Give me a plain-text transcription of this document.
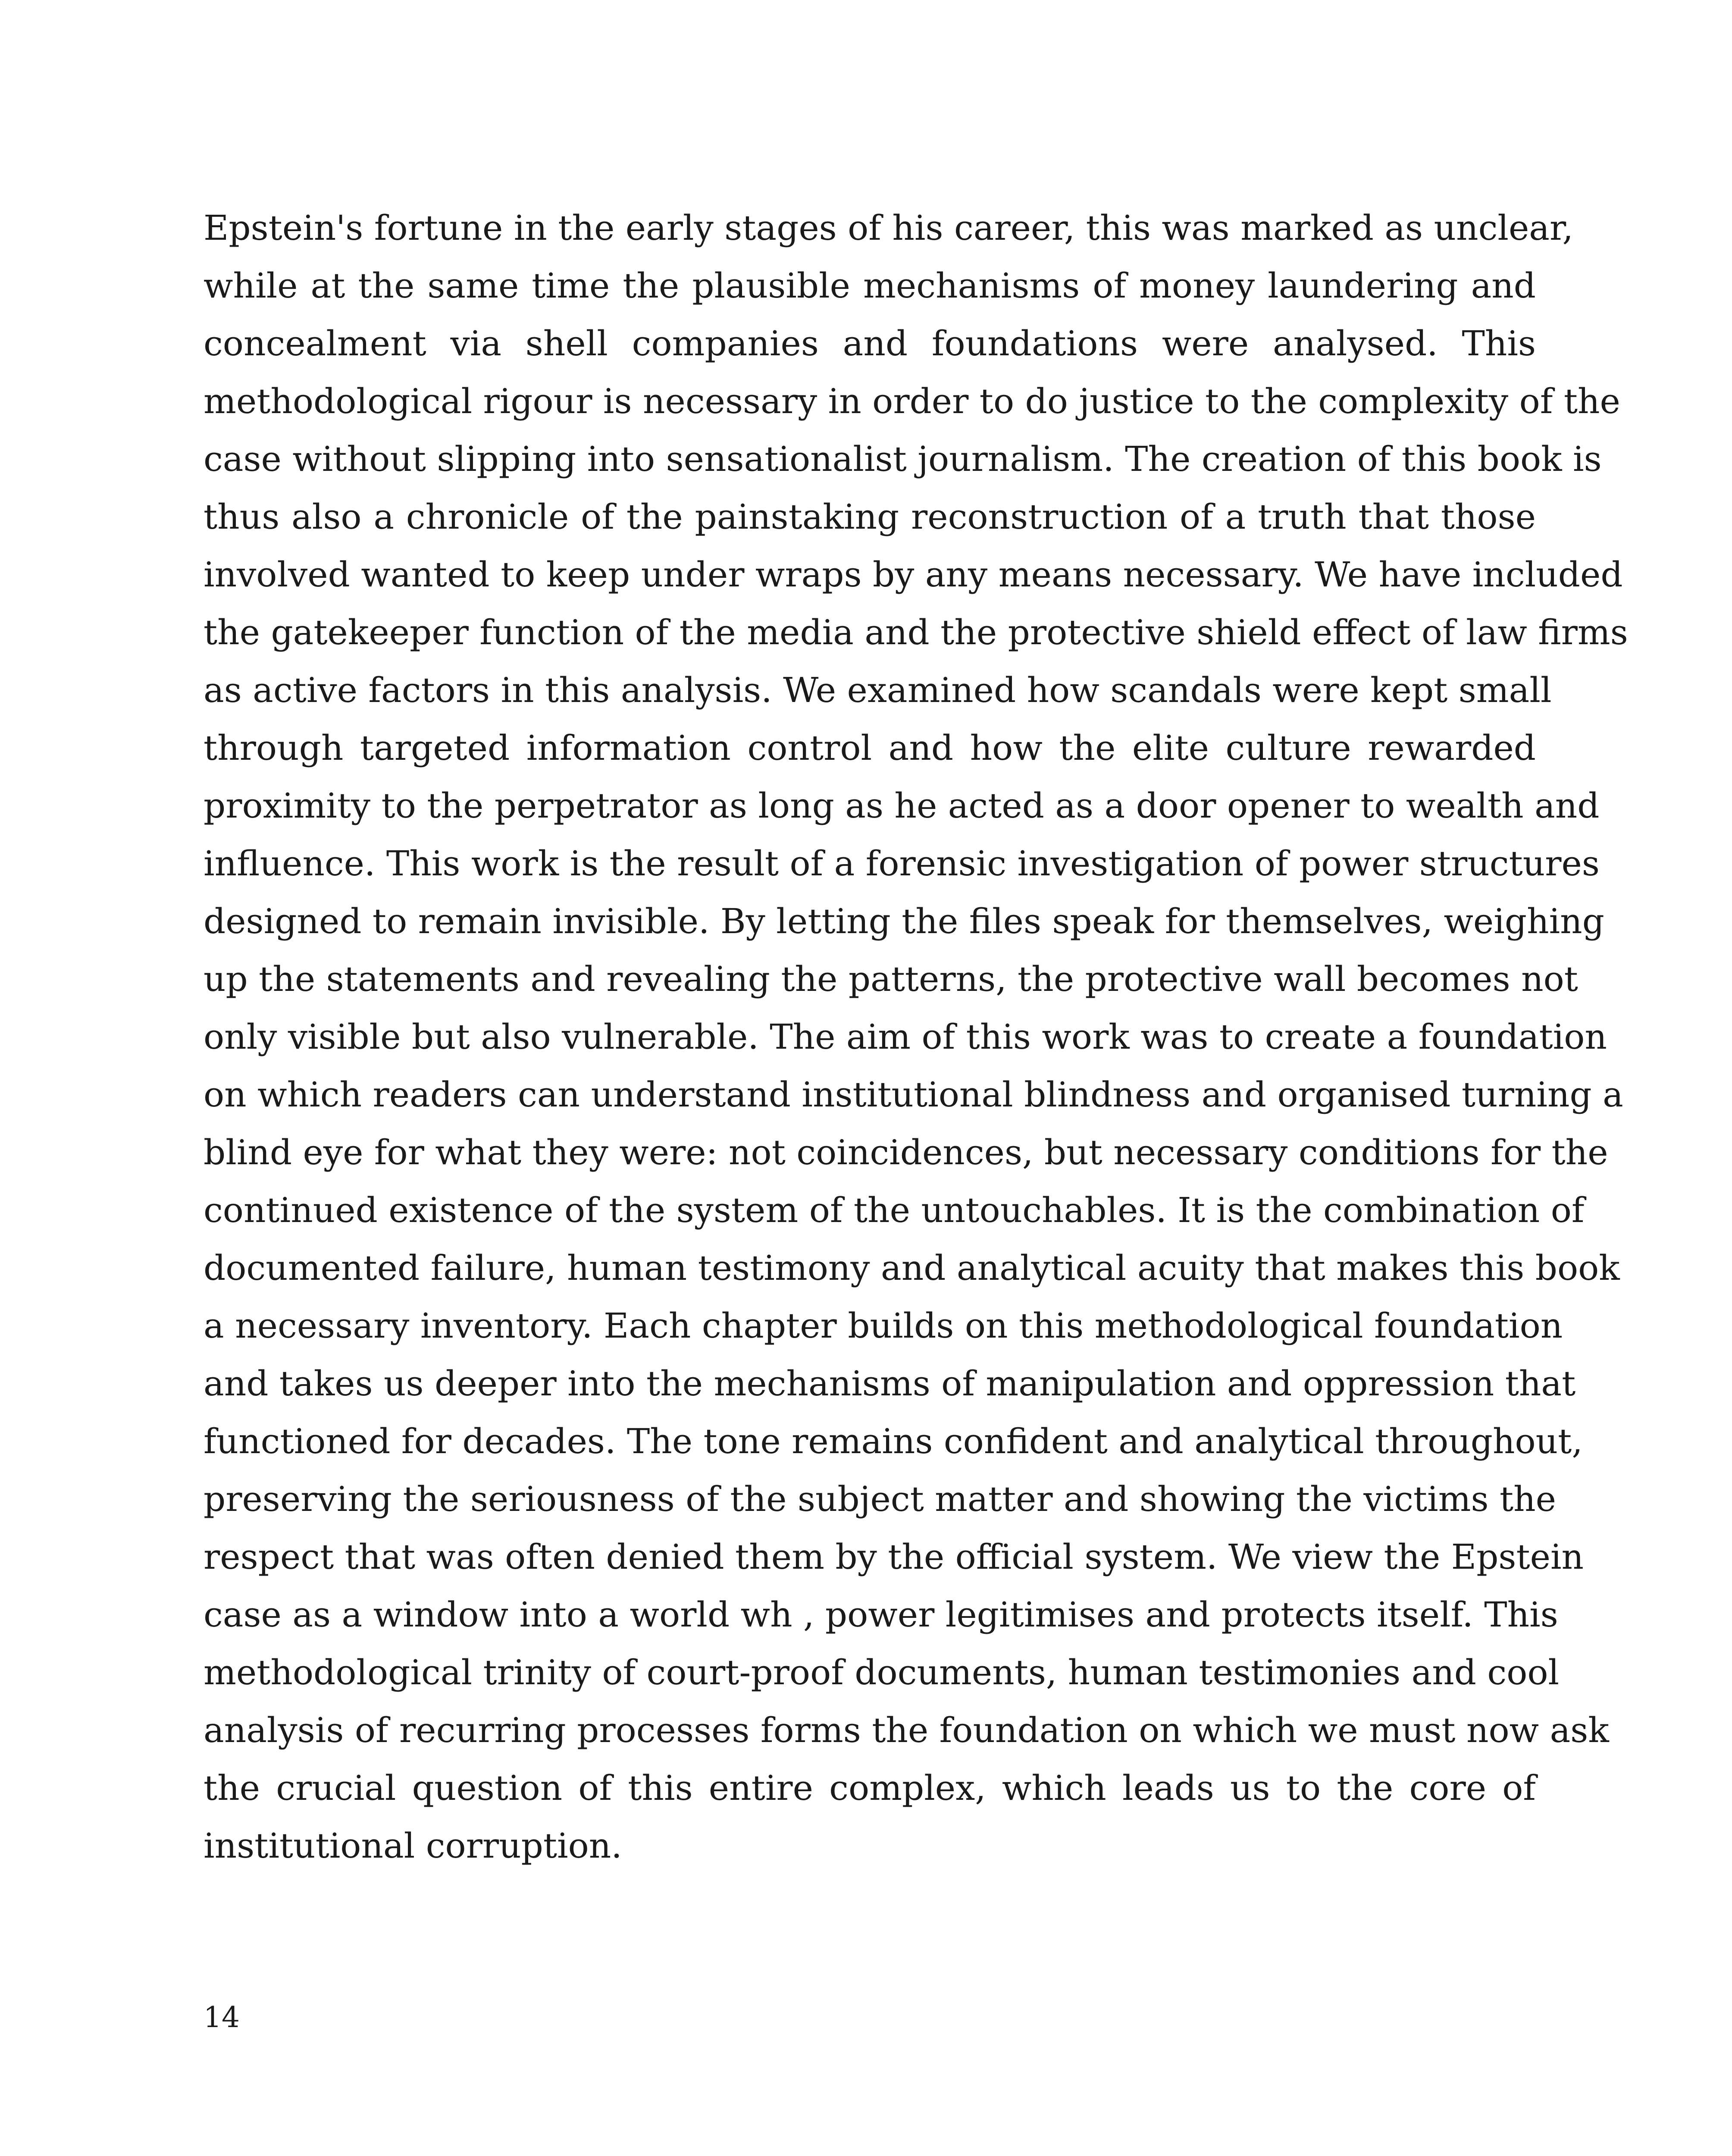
Epstein's fortune in the early stages of his career, this was marked as unclear,
while at the same time the plausible mechanisms of money laundering and
concealment via shell companies and foundations were analysed. This
methodological rigour is necessary in order to do justice to the complexity of the
case without slipping into sensationalist journalism. The creation of this book is
thus also a chronicle of the painstaking reconstruction of a truth that those
involved wanted to keep under wraps by any means necessary. We have included
the gatekeeper function of the media and the protective shield effect of law firms
as active factors in this analysis. We examined how scandals were kept small
through targeted information control and how the elite culture rewarded
proximity to the perpetrator as long as he acted as a door opener to wealth and
influence. This work is the result of a forensic investigation of power structures
designed to remain invisible. By letting the files speak for themselves, weighing
up the statements and revealing the patterns, the protective wall becomes not
only visible but also vulnerable. The aim of this work was to create a foundation
on which readers can understand institutional blindness and organised turning a
blind eye for what they were: not coincidences, but necessary conditions for the
continued existence of the system of the untouchables. It is the combination of
documented failure, human testimony and analytical acuity that makes this book
a necessary inventory. Each chapter builds on this methodological foundation
and takes us deeper into the mechanisms of manipulation and oppression that
functioned for decades. The tone remains confident and analytical throughout,
preserving the seriousness of the subject matter and showing the victims the
respect that was often denied them by the official system. We view the Epstein
case as a window into a world wh , power legitimises and protects itself. This
methodological trinity of court-proof documents, human testimonies and cool
analysis of recurring processes forms the foundation on which we must now ask
the crucial question of this entire complex, which leads us to the core of
institutional corruption.
14
